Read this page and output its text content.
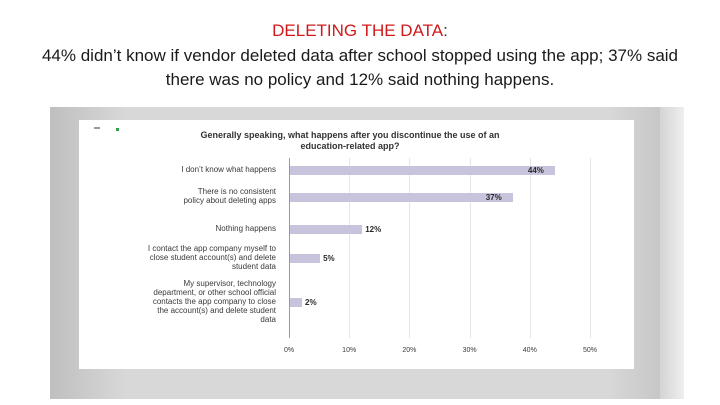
DELETING THE DATA:
44% didn’t know if vendor deleted data after school stopped using the app; 37% said there was no policy and 12% said nothing happens.
Generally speaking, what happens after you discontinue the use of an education-related app?
0%	10%	20%	30%	40%	50%
I don’t know what happens
There is no consistent policy about deleting apps
Nothing happens
I contact the app company myself to close student account(s) and delete student data
My supervisor, technology department, or other school official contacts the app company to close the account(s) and delete student data
44%
37%
12%
5%
2%
